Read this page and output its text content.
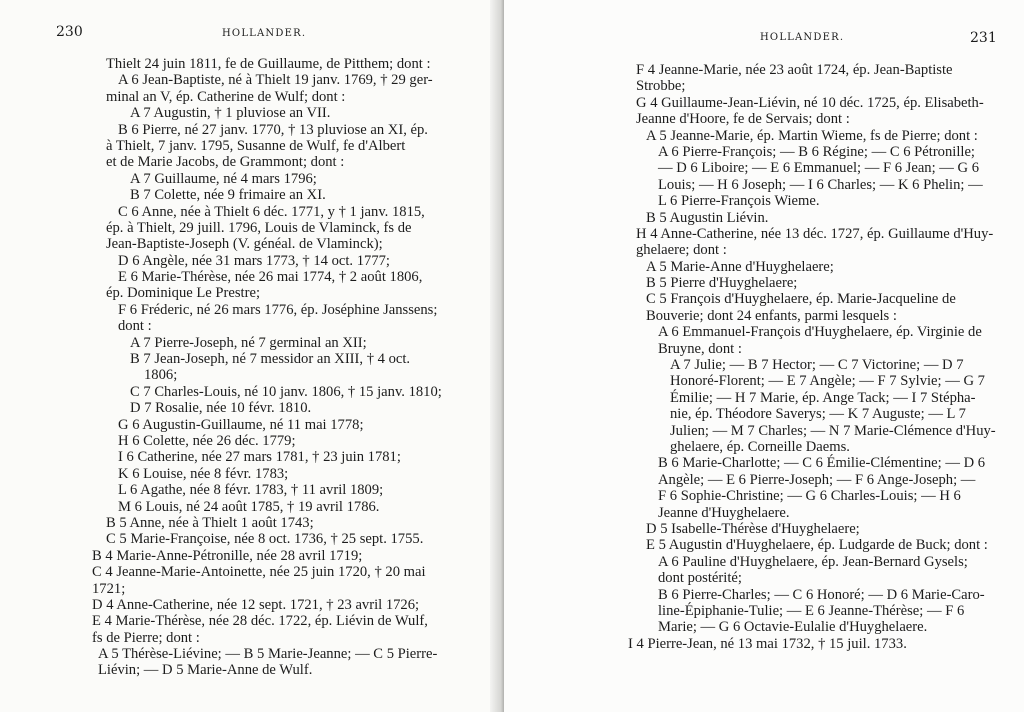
230	HOLLANDER.
Thielt 24 juin 1811, fe de Guillaume, de Pitthem; dont :
A 6 Jean-Baptiste, né à Thielt 19 janv. 1769, † 29 ger-
minal an V, ép. Catherine de Wulf; dont :
A 7 Augustin, † 1 pluviose an VII.
B 6 Pierre, né 27 janv. 1770, † 13 pluviose an XI, ép.
à Thielt, 7 janv. 1795, Susanne de Wulf, fe d'Albert
et de Marie Jacobs, de Grammont; dont :
A 7 Guillaume, né 4 mars 1796;
B 7 Colette, née 9 frimaire an XI.
C 6 Anne, née à Thielt 6 déc. 1771, y † 1 janv. 1815,
ép. à Thielt, 29 juill. 1796, Louis de Vlaminck, fs de
Jean-Baptiste-Joseph (V. généal. de Vlaminck);
D 6 Angèle, née 31 mars 1773, † 14 oct. 1777;
E 6 Marie-Thérèse, née 26 mai 1774, † 2 août 1806,
ép. Dominique Le Prestre;
F 6 Fréderic, né 26 mars 1776, ép. Joséphine Janssens;
dont :
A 7 Pierre-Joseph, né 7 germinal an XII;
B 7 Jean-Joseph, né 7 messidor an XIII, † 4 oct.
1806;
C 7 Charles-Louis, né 10 janv. 1806, † 15 janv. 1810;
D 7 Rosalie, née 10 févr. 1810.
G 6 Augustin-Guillaume, né 11 mai 1778;
H 6 Colette, née 26 déc. 1779;
I 6 Catherine, née 27 mars 1781, † 23 juin 1781;
K 6 Louise, née 8 févr. 1783;
L 6 Agathe, née 8 févr. 1783, † 11 avril 1809;
M 6 Louis, né 24 août 1785, † 19 avril 1786.
B 5 Anne, née à Thielt 1 août 1743;
C 5 Marie-Françoise, née 8 oct. 1736, † 25 sept. 1755.
B 4 Marie-Anne-Pétronille, née 28 avril 1719;
C 4 Jeanne-Marie-Antoinette, née 25 juin 1720, † 20 mai
1721;
D 4 Anne-Catherine, née 12 sept. 1721, † 23 avril 1726;
E 4 Marie-Thérèse, née 28 déc. 1722, ép. Liévin de Wulf,
fs de Pierre; dont :
A 5 Thérèse-Liévine; — B 5 Marie-Jeanne; — C 5 Pierre-
Liévin; — D 5 Marie-Anne de Wulf.
HOLLANDER.	231
F 4 Jeanne-Marie, née 23 août 1724, ép. Jean-Baptiste
Strobbe;
G 4 Guillaume-Jean-Liévin, né 10 déc. 1725, ép. Elisabeth-
Jeanne d'Hoore, fe de Servais; dont :
A 5 Jeanne-Marie, ép. Martin Wieme, fs de Pierre; dont :
A 6 Pierre-François; — B 6 Régine; — C 6 Pétronille;
— D 6 Liboire; — E 6 Emmanuel; — F 6 Jean; — G 6
Louis; — H 6 Joseph; — I 6 Charles; — K 6 Phelin; —
L 6 Pierre-François Wieme.
B 5 Augustin Liévin.
H 4 Anne-Catherine, née 13 déc. 1727, ép. Guillaume d'Huy-
ghelaere; dont :
A 5 Marie-Anne d'Huyghelaere;
B 5 Pierre d'Huyghelaere;
C 5 François d'Huyghelaere, ép. Marie-Jacqueline de
Bouverie; dont 24 enfants, parmi lesquels :
A 6 Emmanuel-François d'Huyghelaere, ép. Virginie de
Bruyne, dont :
A 7 Julie; — B 7 Hector; — C 7 Victorine; — D 7
Honoré-Florent; — E 7 Angèle; — F 7 Sylvie; — G 7
Émilie; — H 7 Marie, ép. Ange Tack; — I 7 Stépha-
nie, ép. Théodore Saverys; — K 7 Auguste; — L 7
Julien; — M 7 Charles; — N 7 Marie-Clémence d'Huy-
ghelaere, ép. Corneille Daems.
B 6 Marie-Charlotte; — C 6 Émilie-Clémentine; — D 6
Angèle; — E 6 Pierre-Joseph; — F 6 Ange-Joseph; —
F 6 Sophie-Christine; — G 6 Charles-Louis; — H 6
Jeanne d'Huyghelaere.
D 5 Isabelle-Thérèse d'Huyghelaere;
E 5 Augustin d'Huyghelaere, ép. Ludgarde de Buck; dont :
A 6 Pauline d'Huyghelaere, ép. Jean-Bernard Gysels;
dont postérité;
B 6 Pierre-Charles; — C 6 Honoré; — D 6 Marie-Caro-
line-Épiphanie-Tulie; — E 6 Jeanne-Thérèse; — F 6
Marie; — G 6 Octavie-Eulalie d'Huyghelaere.
I 4 Pierre-Jean, né 13 mai 1732, † 15 juil. 1733.
